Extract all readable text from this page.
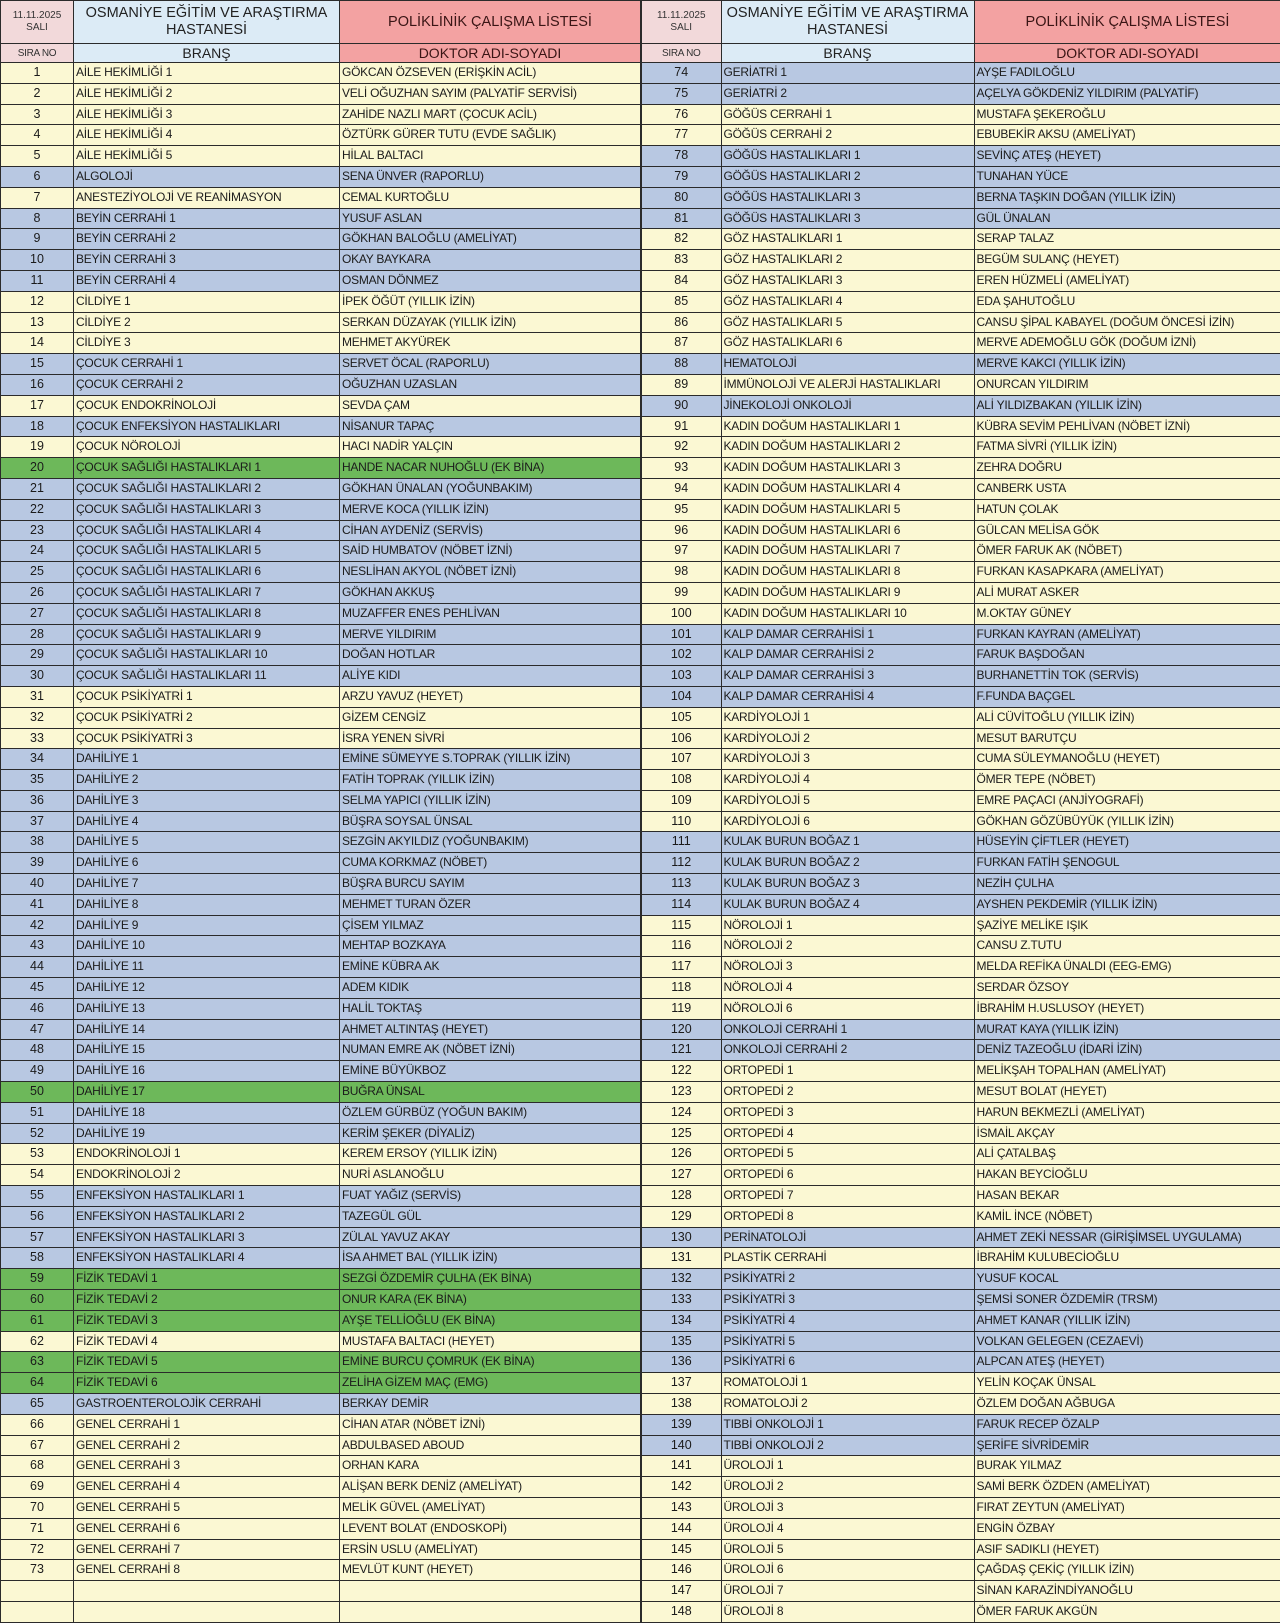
11.11.2025
SALI	OSMANİYE EĞİTİM VE ARAŞTIRMA HASTANESİ	POLİKLİNİK ÇALIŞMA LİSTESİ
SIRA NO	BRANŞ	DOKTOR ADI-SOYADI
1	AİLE HEKİMLİĞİ 1	GÖKCAN ÖZSEVEN (ERİŞKİN ACİL)
2	AİLE HEKİMLİĞİ 2	VELİ OĞUZHAN SAYIM (PALYATİF SERVİSİ)
3	AİLE HEKİMLİĞİ 3	ZAHİDE NAZLI MART (ÇOCUK ACİL)
4	AİLE HEKİMLİĞİ 4	ÖZTÜRK GÜRER TUTU (EVDE SAĞLIK)
5	AİLE HEKİMLİĞİ 5	HİLAL BALTACI
6	ALGOLOJİ	SENA ÜNVER (RAPORLU)
7	ANESTEZİYOLOJİ VE REANİMASYON	CEMAL KURTOĞLU
8	BEYİN CERRAHİ 1	YUSUF ASLAN
9	BEYİN CERRAHİ 2	GÖKHAN BALOĞLU (AMELİYAT)
10	BEYİN CERRAHİ 3	OKAY BAYKARA
11	BEYİN CERRAHİ 4	OSMAN DÖNMEZ
12	CİLDİYE 1	İPEK ÖĞÜT (YILLIK İZİN)
13	CİLDİYE 2	SERKAN DÜZAYAK (YILLIK İZİN)
14	CİLDİYE 3	MEHMET AKYÜREK
15	ÇOCUK CERRAHİ 1	SERVET ÖCAL (RAPORLU)
16	ÇOCUK CERRAHİ 2	OĞUZHAN UZASLAN
17	ÇOCUK ENDOKRİNOLOJİ	SEVDA ÇAM
18	ÇOCUK ENFEKSİYON HASTALIKLARI	NİSANUR TAPAÇ
19	ÇOCUK NÖROLOJİ	HACI NADİR YALÇIN
20	ÇOCUK SAĞLIĞI HASTALIKLARI 1	HANDE NACAR NUHOĞLU (EK BİNA)
21	ÇOCUK SAĞLIĞI HASTALIKLARI 2	GÖKHAN ÜNALAN (YOĞUNBAKIM)
22	ÇOCUK SAĞLIĞI HASTALIKLARI 3	MERVE KOCA (YILLIK İZİN)
23	ÇOCUK SAĞLIĞI HASTALIKLARI 4	CİHAN AYDENİZ (SERVİS)
24	ÇOCUK SAĞLIĞI HASTALIKLARI 5	SAİD HUMBATOV (NÖBET İZNİ)
25	ÇOCUK SAĞLIĞI HASTALIKLARI 6	NESLİHAN AKYOL (NÖBET İZNİ)
26	ÇOCUK SAĞLIĞI HASTALIKLARI 7	GÖKHAN AKKUŞ
27	ÇOCUK SAĞLIĞI HASTALIKLARI 8	MUZAFFER ENES PEHLİVAN
28	ÇOCUK SAĞLIĞI HASTALIKLARI 9	MERVE YILDIRIM
29	ÇOCUK SAĞLIĞI HASTALIKLARI 10	DOĞAN HOTLAR
30	ÇOCUK SAĞLIĞI HASTALIKLARI 11	ALİYE KIDI
31	ÇOCUK PSİKİYATRİ 1	ARZU YAVUZ (HEYET)
32	ÇOCUK PSİKİYATRİ 2	GİZEM CENGİZ
33	ÇOCUK PSİKİYATRİ 3	İSRA YENEN SİVRİ
34	DAHİLİYE 1	EMİNE SÜMEYYE S.TOPRAK (YILLIK İZİN)
35	DAHİLİYE 2	FATİH TOPRAK (YILLIK İZİN)
36	DAHİLİYE 3	SELMA YAPICI (YILLIK İZİN)
37	DAHİLİYE 4	BÜŞRA SOYSAL ÜNSAL
38	DAHİLİYE 5	SEZGİN AKYILDIZ (YOĞUNBAKIM)
39	DAHİLİYE 6	CUMA KORKMAZ (NÖBET)
40	DAHİLİYE 7	BÜŞRA BURCU SAYIM
41	DAHİLİYE 8	MEHMET TURAN ÖZER
42	DAHİLİYE 9	ÇİSEM YILMAZ
43	DAHİLİYE 10	MEHTAP BOZKAYA
44	DAHİLİYE 11	EMİNE KÜBRA AK
45	DAHİLİYE 12	ADEM KIDIK
46	DAHİLİYE 13	HALİL TOKTAŞ
47	DAHİLİYE 14	AHMET ALTINTAŞ (HEYET)
48	DAHİLİYE 15	NUMAN EMRE AK (NÖBET İZNİ)
49	DAHİLİYE 16	EMİNE BÜYÜKBOZ
50	DAHİLİYE 17	BUĞRA ÜNSAL
51	DAHİLİYE 18	ÖZLEM GÜRBÜZ (YOĞUN BAKIM)
52	DAHİLİYE 19	KERİM ŞEKER (DİYALİZ)
53	ENDOKRİNOLOJİ 1	KEREM ERSOY (YILLIK İZİN)
54	ENDOKRİNOLOJİ 2	NURİ ASLANOĞLU
55	ENFEKSİYON HASTALIKLARI 1	FUAT YAĞIZ (SERVİS)
56	ENFEKSİYON HASTALIKLARI 2	TAZEGÜL GÜL
57	ENFEKSİYON HASTALIKLARI 3	ZÜLAL YAVUZ AKAY
58	ENFEKSİYON HASTALIKLARI 4	İSA AHMET BAL (YILLIK İZİN)
59	FİZİK TEDAVİ 1	SEZGİ ÖZDEMİR ÇULHA (EK BİNA)
60	FİZİK TEDAVİ 2	ONUR KARA (EK BİNA)
61	FİZİK TEDAVİ 3	AYŞE TELLİOĞLU (EK BİNA)
62	FİZİK TEDAVİ 4	MUSTAFA BALTACI (HEYET)
63	FİZİK TEDAVİ 5	EMİNE BURCU ÇOMRUK (EK BİNA)
64	FİZİK TEDAVİ 6	ZELİHA GİZEM MAÇ (EMG)
65	GASTROENTEROLOJİK CERRAHİ	BERKAY DEMİR
66	GENEL CERRAHİ 1	CİHAN ATAR (NÖBET İZNİ)
67	GENEL CERRAHİ 2	ABDULBASED ABOUD
68	GENEL CERRAHİ 3	ORHAN KARA
69	GENEL CERRAHİ 4	ALİŞAN BERK DENİZ (AMELİYAT)
70	GENEL CERRAHİ 5	MELİK GÜVEL (AMELİYAT)
71	GENEL CERRAHİ 6	LEVENT BOLAT (ENDOSKOPİ)
72	GENEL CERRAHİ 7	ERSİN USLU (AMELİYAT)
73	GENEL CERRAHİ 8	MEVLÜT KUNT (HEYET)

11.11.2025
SALI	OSMANİYE EĞİTİM VE ARAŞTIRMA HASTANESİ	POLİKLİNİK ÇALIŞMA LİSTESİ
SIRA NO	BRANŞ	DOKTOR ADI-SOYADI
74	GERİATRİ 1	AYŞE FADILOĞLU
75	GERİATRİ 2	AÇELYA GÖKDENİZ YILDIRIM (PALYATİF)
76	GÖĞÜS CERRAHİ 1	MUSTAFA ŞEKEROĞLU
77	GÖĞÜS CERRAHİ 2	EBUBEKİR AKSU (AMELİYAT)
78	GÖĞÜS HASTALIKLARI 1	SEVİNÇ ATEŞ (HEYET)
79	GÖĞÜS HASTALIKLARI 2	TUNAHAN YÜCE
80	GÖĞÜS HASTALIKLARI 3	BERNA TAŞKIN DOĞAN (YILLIK İZİN)
81	GÖĞÜS HASTALIKLARI 3	GÜL ÜNALAN
82	GÖZ HASTALIKLARI 1	SERAP TALAZ
83	GÖZ HASTALIKLARI 2	BEGÜM SULANÇ (HEYET)
84	GÖZ HASTALIKLARI 3	EREN HÜZMELİ (AMELİYAT)
85	GÖZ HASTALIKLARI 4	EDA ŞAHUTOĞLU
86	GÖZ HASTALIKLARI 5	CANSU ŞİPAL KABAYEL (DOĞUM ÖNCESİ İZİN)
87	GÖZ HASTALIKLARI 6	MERVE ADEMOĞLU GÖK (DOĞUM İZNİ)
88	HEMATOLOJİ	MERVE KAKCI (YILLIK İZİN)
89	İMMÜNOLOJİ VE ALERJİ HASTALIKLARI	ONURCAN YILDIRIM
90	JİNEKOLOJİ ONKOLOJİ	ALİ YILDIZBAKAN (YILLIK İZİN)
91	KADIN DOĞUM HASTALIKLARI 1	KÜBRA SEVİM PEHLİVAN (NÖBET İZNİ)
92	KADIN DOĞUM HASTALIKLARI 2	FATMA SİVRİ (YILLIK İZİN)
93	KADIN DOĞUM HASTALIKLARI 3	ZEHRA DOĞRU
94	KADIN DOĞUM HASTALIKLARI 4	CANBERK USTA
95	KADIN DOĞUM HASTALIKLARI 5	HATUN ÇOLAK
96	KADIN DOĞUM HASTALIKLARI 6	GÜLCAN MELİSA GÖK
97	KADIN DOĞUM HASTALIKLARI 7	ÖMER FARUK AK (NÖBET)
98	KADIN DOĞUM HASTALIKLARI 8	FURKAN KASAPKARA (AMELİYAT)
99	KADIN DOĞUM HASTALIKLARI 9	ALİ MURAT ASKER
100	KADIN DOĞUM HASTALIKLARI 10	M.OKTAY GÜNEY
101	KALP DAMAR CERRAHİSİ 1	FURKAN KAYRAN (AMELİYAT)
102	KALP DAMAR CERRAHİSİ 2	FARUK BAŞDOĞAN
103	KALP DAMAR CERRAHİSİ 3	BURHANETTİN TOK (SERVİS)
104	KALP DAMAR CERRAHİSİ 4	F.FUNDA BAÇGEL
105	KARDİYOLOJİ 1	ALİ CÜVİTOĞLU (YILLIK İZİN)
106	KARDİYOLOJİ 2	MESUT BARUTÇU
107	KARDİYOLOJİ 3	CUMA SÜLEYMANOĞLU (HEYET)
108	KARDİYOLOJİ 4	ÖMER TEPE (NÖBET)
109	KARDİYOLOJİ 5	EMRE PAÇACI (ANJİYOGRAFİ)
110	KARDİYOLOJİ 6	GÖKHAN GÖZÜBÜYÜK (YILLIK İZİN)
111	KULAK BURUN BOĞAZ 1	HÜSEYİN ÇİFTLER (HEYET)
112	KULAK BURUN BOĞAZ 2	FURKAN FATİH ŞENOGUL
113	KULAK BURUN BOĞAZ 3	NEZİH ÇULHA
114	KULAK BURUN BOĞAZ 4	AYSHEN PEKDEMİR (YILLIK İZİN)
115	NÖROLOJİ 1	ŞAZİYE MELİKE IŞIK
116	NÖROLOJİ 2	CANSU Z.TUTU
117	NÖROLOJİ 3	MELDA REFİKA ÜNALDI (EEG-EMG)
118	NÖROLOJİ 4	SERDAR ÖZSOY
119	NÖROLOJİ 6	İBRAHİM H.USLUSOY (HEYET)
120	ONKOLOJİ CERRAHİ 1	MURAT KAYA (YILLIK İZİN)
121	ONKOLOJİ CERRAHİ 2	DENİZ TAZEOĞLU (İDARİ İZİN)
122	ORTOPEDİ 1	MELİKŞAH TOPALHAN (AMELİYAT)
123	ORTOPEDİ 2	MESUT BOLAT (HEYET)
124	ORTOPEDİ 3	HARUN BEKMEZLİ (AMELİYAT)
125	ORTOPEDİ 4	İSMAİL AKÇAY
126	ORTOPEDİ 5	ALİ ÇATALBAŞ
127	ORTOPEDİ 6	HAKAN BEYCİOĞLU
128	ORTOPEDİ 7	HASAN BEKAR
129	ORTOPEDİ 8	KAMİL İNCE (NÖBET)
130	PERİNATOLOJİ	AHMET ZEKİ NESSAR (GİRİŞİMSEL UYGULAMA)
131	PLASTİK CERRAHİ	İBRAHİM KULUBECİOĞLU
132	PSİKİYATRİ 2	YUSUF KOCAL
133	PSİKİYATRİ 3	ŞEMSİ SONER ÖZDEMİR (TRSM)
134	PSİKİYATRİ 4	AHMET KANAR (YILLIK İZİN)
135	PSİKİYATRİ 5	VOLKAN GELEGEN (CEZAEVİ)
136	PSİKİYATRİ 6	ALPCAN ATEŞ (HEYET)
137	ROMATOLOJİ 1	YELİN KOÇAK ÜNSAL
138	ROMATOLOJİ 2	ÖZLEM DOĞAN AĞBUGA
139	TIBBİ ONKOLOJİ 1	FARUK RECEP ÖZALP
140	TIBBİ ONKOLOJİ 2	ŞERİFE SİVRİDEMİR
141	ÜROLOJİ 1	BURAK YILMAZ
142	ÜROLOJİ 2	SAMİ BERK ÖZDEN (AMELİYAT)
143	ÜROLOJİ 3	FIRAT ZEYTUN (AMELİYAT)
144	ÜROLOJİ 4	ENGİN ÖZBAY
145	ÜROLOJİ 5	ASIF SADIKLI (HEYET)
146	ÜROLOJİ 6	ÇAĞDAŞ ÇEKİÇ (YILLIK İZİN)
147	ÜROLOJİ 7	SİNAN KARAZİNDİYANOĞLU
148	ÜROLOJİ 8	ÖMER FARUK AKGÜN
